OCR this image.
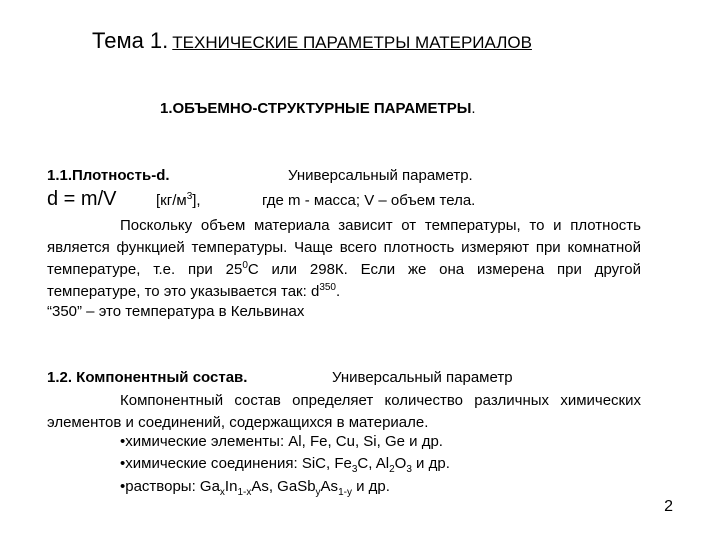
Тема 1. ТЕХНИЧЕСКИЕ ПАРАМЕТРЫ МАТЕРИАЛОВ
1.ОБЪЕМНО-СТРУКТУРНЫЕ ПАРАМЕТРЫ.
1.1.Плотность-d.	Универсальный параметр.
d = m/V	$[кг/м^3]$,	где m - масса; V – объем тела.
Поскольку объем материала зависит от температуры, то и плотность является функцией температуры. Чаще всего плотность измеряют при комнатной температуре, т.е. при $25^0С$ или 298К. Если же она измерена при другой температуре, то это указывается так: $d^{350}$.
“350” – это температура в Кельвинах
1.2. Компонентный состав.	Универсальный параметр
Компонентный состав определяет количество различных химических элементов и соединений, содержащихся в материале.
•химические элементы: Al, Fe, Cu, Si, Ge и др.
•химические соединения: SiC, $Fe_3C$, $Al_2O_3$ и др.
•растворы: $Ga_xIn_{1-x}As$, $GaSb_yAs_{1-y}$ и др.
2
